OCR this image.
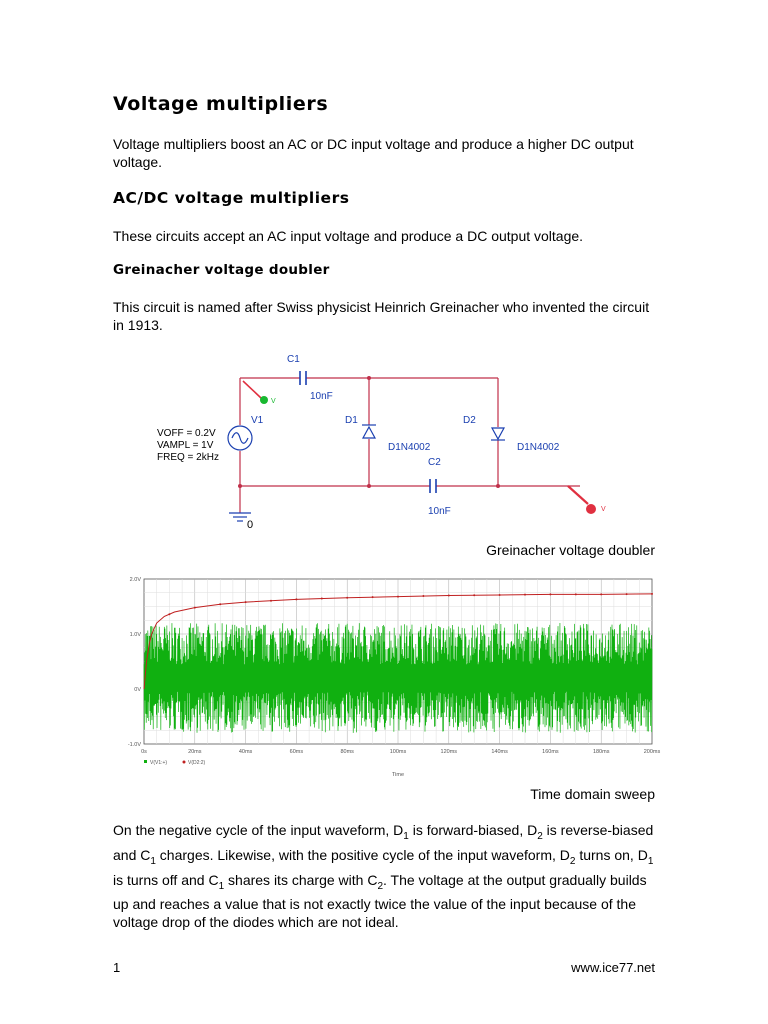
Voltage multipliers
Voltage multipliers boost an AC or DC input voltage and produce a higher DC output voltage.
AC/DC voltage multipliers
These circuits accept an AC input voltage and produce a DC output voltage.
Greinacher voltage doubler
This circuit is named after Swiss physicist Heinrich Greinacher who invented the circuit in 1913.
V
V
C1
10nF
C2
10nF
D1
D1N4002
D2
D1N4002
V1
VOFF = 0.2V
VAMPL = 1V
FREQ = 2kHz
0
Greinacher voltage doubler
2.0V
1.0V
0V
-1.0V
0s	20ms	40ms	60ms	80ms	100ms	120ms	140ms	160ms	180ms	200ms
Time
V(V1:+)	V(D2:2)
Time domain sweep
On the negative cycle of the input waveform, $D_1$ is forward-biased, $D_2$ is reverse-biased and $C_1$ charges. Likewise, with the positive cycle of the input waveform, $D_2$ turns on, $D_1$ is turns off and $C_1$ shares its charge with $C_2$. The voltage at the output gradually builds up and reaches a value that is not exactly twice the value of the input because of the voltage drop of the diodes which are not ideal.
1	www.ice77.net
